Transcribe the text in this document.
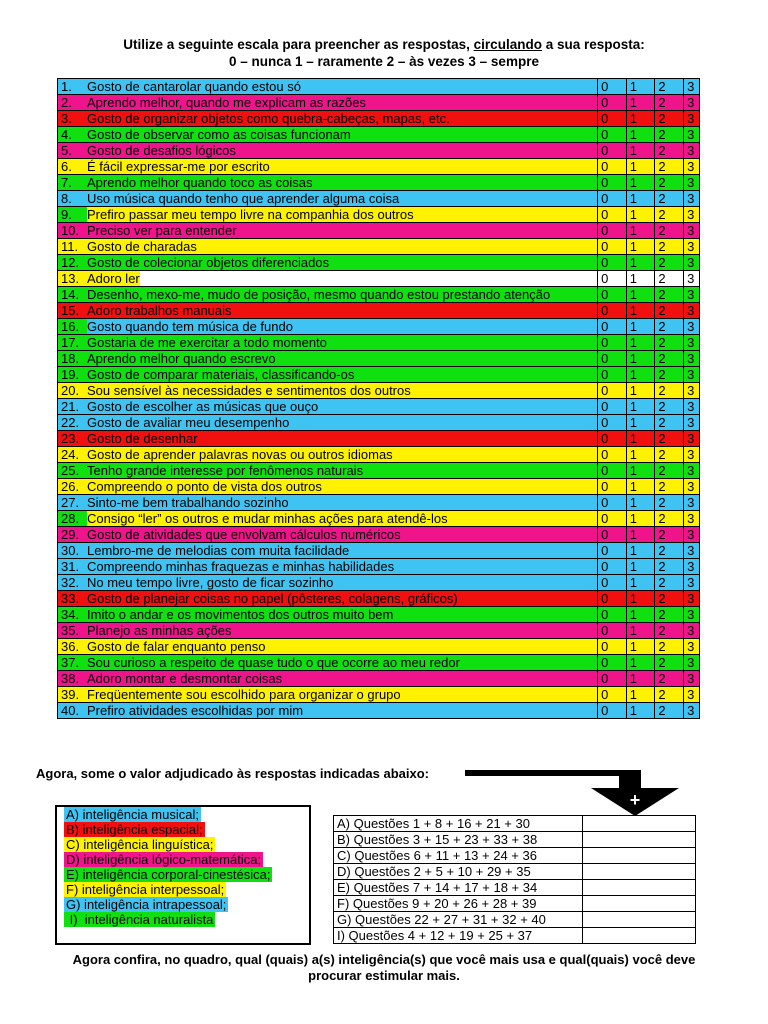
Utilize a seguinte escala para preencher as respostas, circulando a sua resposta:
0 – nunca 1 – raramente 2 – às vezes 3 – sempre
1. Gosto de cantarolar quando estou só	0	1	2	3
2. Aprendo melhor, quando me explicam as razões	0	1	2	3
3. Gosto de organizar objetos como quebra-cabeças, mapas, etc.	0	1	2	3
4. Gosto de observar como as coisas funcionam	0	1	2	3
5. Gosto de desafios lógicos	0	1	2	3
6. É fácil expressar-me por escrito	0	1	2	3
7. Aprendo melhor quando toco as coisas	0	1	2	3
8. Uso música quando tenho que aprender alguma coisa	0	1	2	3
9. Prefiro passar meu tempo livre na companhia dos outros	0	1	2	3
10. Preciso ver para entender	0	1	2	3
11. Gosto de charadas	0	1	2	3
12. Gosto de colecionar objetos diferenciados	0	1	2	3
13. Adoro ler	0	1	2	3
14. Desenho, mexo-me, mudo de posição, mesmo quando estou prestando atenção	0	1	2	3
15. Adoro trabalhos manuais	0	1	2	3
16. Gosto quando tem música de fundo	0	1	2	3
17. Gostaria de me exercitar a todo momento	0	1	2	3
18. Aprendo melhor quando escrevo	0	1	2	3
19. Gosto de comparar materiais, classificando-os	0	1	2	3
20. Sou sensível às necessidades e sentimentos dos outros	0	1	2	3
21. Gosto de escolher as músicas que ouço	0	1	2	3
22. Gosto de avaliar meu desempenho	0	1	2	3
23. Gosto de desenhar	0	1	2	3
24. Gosto de aprender palavras novas ou outros idiomas	0	1	2	3
25. Tenho grande interesse por fenômenos naturais	0	1	2	3
26. Compreendo o ponto de vista dos outros	0	1	2	3
27. Sinto-me bem trabalhando sozinho	0	1	2	3
28. Consigo “ler” os outros e mudar minhas ações para atendê-los	0	1	2	3
29. Gosto de atividades que envolvam cálculos numéricos	0	1	2	3
30. Lembro-me de melodias com muita facilidade	0	1	2	3
31. Compreendo minhas fraquezas e minhas habilidades	0	1	2	3
32. No meu tempo livre, gosto de ficar sozinho	0	1	2	3
33. Gosto de planejar coisas no papel (pôsteres, colagens, gráficos)	0	1	2	3
34. Imito o andar e os movimentos dos outros muito bem	0	1	2	3
35. Planejo as minhas ações	0	1	2	3
36. Gosto de falar enquanto penso	0	1	2	3
37. Sou curioso a respeito de quase tudo o que ocorre ao meu redor	0	1	2	3
38. Adoro montar e desmontar coisas	0	1	2	3
39. Freqüentemente sou escolhido para organizar o grupo	0	1	2	3
40. Prefiro atividades escolhidas por mim	0	1	2	3
Agora, some o valor adjudicado às respostas indicadas abaixo:
+
A) inteligência musical;
B) inteligência espacial;
C) inteligência linguística;
D) inteligência lógico-matemática;
E) inteligência corporal-cinestésica;
F) inteligência interpessoal;
G) inteligência intrapessoal;
I)  inteligência naturalista
A) Questões 1 + 8 + 16 + 21 + 30	
B) Questões 3 + 15 + 23 + 33 + 38	
C) Questões 6 + 11 + 13 + 24 + 36	
D) Questões 2 + 5 + 10 + 29 + 35	
E) Questões 7 + 14 + 17 + 18 + 34	
F) Questões 9 + 20 + 26 + 28 + 39	
G) Questões 22 + 27 + 31 + 32 + 40	
I) Questões 4 + 12 + 19 + 25 + 37	
Agora confira, no quadro, qual (quais) a(s) inteligência(s) que você mais usa e qual(quais) você deve
procurar estimular mais.
